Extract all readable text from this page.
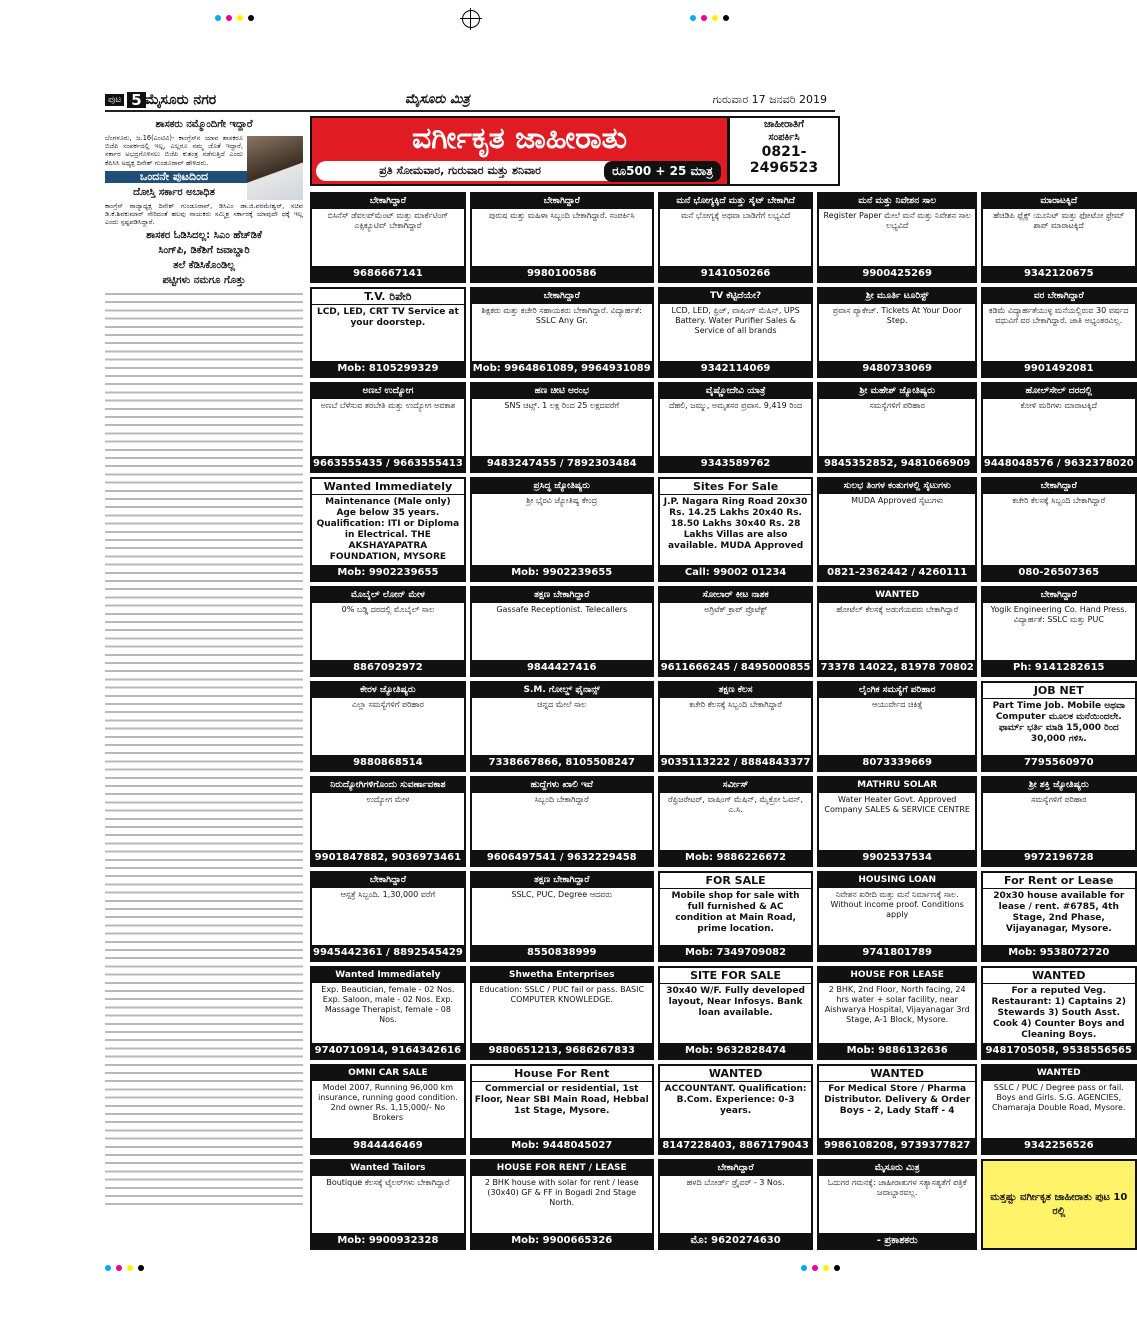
ಪುಟ 5 ಮೈಸೂರು ನಗರ	ಮೈಸೂರು ಮಿತ್ರ	ಗುರುವಾರ 17 ಜನವರಿ 2019
ಶಾಸಕರು ನಮ್ಮೊಂದಿಗೇ ಇದ್ದಾರೆ

ಬೆಂಗಳೂರು, ಜ.16(ಎಂಟಿವಿ)- ಕಾಂಗ್ರೆಸ್‌ನ ಯಾವ ಶಾಸಕರೂ ಬಿಜೆಪಿ ಸಂಪರ್ಕದಲ್ಲಿ ಇಲ್ಲ, ಎಲ್ಲರೂ ನಮ್ಮ ಜೊತೆ ಇದ್ದಾರೆ, ಸರ್ಕಾರ ಅಭದ್ರಗೊಳಿಸಲು ಬಿಜೆಪಿ ಕುತಂತ್ರ ನಡೆಸುತ್ತಿದೆ ಎಂದು ಕೆಪಿಸಿಸಿ ಅಧ್ಯಕ್ಷ ದಿನೇಶ್ ಗುಂಡೂರಾವ್ ಹೇಳಿದರು.

ಒಂದನೇ ಪುಟದಿಂದ
ದೋಸ್ತಿ ಸರ್ಕಾರ ಅಬಾಧಿತ

ಕಾಂಗ್ರೆಸ್ ರಾಜ್ಯಾಧ್ಯಕ್ಷ ದಿನೇಶ್ ಗುಂಡೂರಾವ್, ಡಿಸಿಎಂ ಡಾ.ಜಿ.ಪರಮೇಶ್ವರ್, ಸಚಿವ ಡಿ.ಕೆ.ಶಿವಕುಮಾರ್ ಸೇರಿದಂತೆ ಹಲವು ನಾಯಕರು ಸಮ್ಮಿಶ್ರ ಸರ್ಕಾರಕ್ಕೆ ಯಾವುದೇ ಧಕ್ಕೆ ಇಲ್ಲ ಎಂದು ಸ್ಪಷ್ಟಪಡಿಸಿದ್ದಾರೆ.

ಶಾಸಕರ ಓಡಿಸಿದಲ್ಲ: ಸಿಎಂ ಹೆಚ್‌ಡಿಕೆ
ಸಿಂಗ್‌ಪಿ, ಡಿಕೆಶಿಗೆ ಜವಾಬ್ದಾರಿ
ತಲೆ ಕೆಡಿಸಿಕೊಂಡಿಲ್ಲ
ಪಟ್ಟಿಗಳು ನಮಗೂ ಗೊತ್ತು
ವರ್ಗೀಕೃತ ಜಾಹೀರಾತು
ಪ್ರತಿ ಸೋಮವಾರ, ಗುರುವಾರ ಮತ್ತು ಶನಿವಾರ	ರೂ500 + 25 ಮಾತ್ರ
ಜಾಹೀರಾತಿಗೆ
ಸಂಪರ್ಕಿಸಿ
0821-2496523
ಬೇಕಾಗಿದ್ದಾರೆ
ಬಿಸಿನೆಸ್ ಡೆವಲಪ್‌ಮೆಂಟ್ ಮತ್ತು ಮಾರ್ಕೆಟಿಂಗ್ ಎಕ್ಸಿಕ್ಯೂಟಿವ್ ಬೇಕಾಗಿದ್ದಾರೆ
9686667141
ಬೇಕಾಗಿದ್ದಾರೆ
ಪುರುಷ ಮತ್ತು ಮಹಿಳಾ ಸಿಬ್ಬಂದಿ ಬೇಕಾಗಿದ್ದಾರೆ. ಸಂಪರ್ಕಿಸಿ
9980100586
ಮನೆ ಭೋಗ್ಯಕ್ಕಿದೆ ಮತ್ತು ಸೈಟ್ ಬೇಕಾಗಿದೆ
ಮನೆ ಭೋಗ್ಯಕ್ಕೆ ಅಥವಾ ಬಾಡಿಗೆಗೆ ಲಭ್ಯವಿದೆ
9141050266
ಮನೆ ಮತ್ತು ನಿವೇಶನ ಸಾಲ
Register Paper ಮೇಲೆ ಮನೆ ಮತ್ತು ನಿವೇಶನ ಸಾಲ ಲಭ್ಯವಿದೆ
9900425269
ಮಾರಾಟಕ್ಕಿದೆ
ಹೆಚಿಡಿಪಿ ಫ್ಲೆಕ್ಸ್ ಯೂನಿಟ್ ಮತ್ತು ಫೋಟೋ ಫ್ರೇಮ್ ಶಾಪ್ ಮಾರಾಟಕ್ಕಿದೆ
9342120675
T.V. ರಿಪೇರಿ
LCD, LED, CRT TV Service at your doorstep.
Mob: 8105299329
ಬೇಕಾಗಿದ್ದಾರೆ
ಶಿಕ್ಷಕರು ಮತ್ತು ಕಚೇರಿ ಸಹಾಯಕರು ಬೇಕಾಗಿದ್ದಾರೆ. ವಿದ್ಯಾರ್ಹತೆ: SSLC Any Gr.
Mob: 9964861089, 9964931089
TV ಕೆಟ್ಟಿದೆಯೇ?
LCD, LED, ಫ್ರಿಜ್, ವಾಷಿಂಗ್ ಮೆಷಿನ್, UPS Battery. Water Purifier Sales & Service of all brands
9342114069
ಶ್ರೀ ಮೂರ್ತಿ ಟೂರಿಸ್ಟ್
ಪ್ರವಾಸ ಪ್ಯಾಕೇಜ್. Tickets At Your Door Step.
9480733069
ವರ ಬೇಕಾಗಿದ್ದಾರೆ
ಕಡಿಮೆ ವಿದ್ಯಾರ್ಹತೆಯುಳ್ಳ ಮನೆಯಲ್ಲಿರುವ 30 ವರ್ಷದ ವಧುವಿಗೆ ವರ ಬೇಕಾಗಿದ್ದಾರೆ. ಜಾತಿ ಅಭ್ಯಂತರವಿಲ್ಲ.
9901492081
ಅಣಬೆ ಉದ್ಯೋಗ
ಅಣಬೆ ಬೆಳೆಸುವ ತರಬೇತಿ ಮತ್ತು ಉದ್ಯೋಗ ಅವಕಾಶ
9663555435 / 9663555413
ಹಣ ಚೀಟಿ ಆರಂಭ
SNS ಚಿಟ್ಸ್. 1 ಲಕ್ಷ ರಿಂದ 25 ಲಕ್ಷದವರೆಗೆ
9483247455 / 7892303484
ವೈಷ್ಣೋದೇವಿ ಯಾತ್ರೆ
ದೆಹಲಿ, ಜಮ್ಮು, ಅಮೃತಸರ ಪ್ರವಾಸ. 9,419 ರಿಂದ
9343589762
ಶ್ರೀ ಮಹೇಶ್ ಜ್ಯೋತಿಷ್ಯರು
ಸಮಸ್ಯೆಗಳಿಗೆ ಪರಿಹಾರ
9845352852, 9481066909
ಹೋಲ್‌ಸೇಲ್ ದರದಲ್ಲಿ
ಕೋಳಿ ಮರಿಗಳು ಮಾರಾಟಕ್ಕಿದೆ
9448048576 / 9632378020
Wanted Immediately
Maintenance (Male only) Age below 35 years. Qualification: ITI or Diploma in Electrical. THE AKSHAYAPATRA FOUNDATION, MYSORE
Mob: 9902239655
ಪ್ರಸಿದ್ಧ ಜ್ಯೋತಿಷ್ಯರು
ಶ್ರೀ ಭೈರವಿ ಜ್ಯೋತಿಷ್ಯ ಕೇಂದ್ರ
Mob: 9902239655
Sites For Sale
J.P. Nagara Ring Road 20x30 Rs. 14.25 Lakhs 20x40 Rs. 18.50 Lakhs 30x40 Rs. 28 Lakhs Villas are also available. MUDA Approved
Call: 99002 01234
ಸುಲಭ ತಿಂಗಳ ಕಂತುಗಳಲ್ಲಿ ಸೈಟುಗಳು
MUDA Approved ಸೈಟುಗಳು
0821-2362442 / 4260111
ಬೇಕಾಗಿದ್ದಾರೆ
ಕಚೇರಿ ಕೆಲಸಕ್ಕೆ ಸಿಬ್ಬಂದಿ ಬೇಕಾಗಿದ್ದಾರೆ
080-26507365
ಮೊಬೈಲ್ ಲೋನ್ ಮೇಳ
0% ಬಡ್ಡಿ ದರದಲ್ಲಿ ಮೊಬೈಲ್ ಸಾಲ
8867092972
ತಕ್ಷಣ ಬೇಕಾಗಿದ್ದಾರೆ
Gassafe Receptionist. Telecallers
9844427416
ಸೋಲಾರ್ ಕೀಟ ನಾಶಕ
ಅಗ್ರಿಟೆಕ್ ಕ್ರಾಪ್ ಪ್ರೊಟೆಕ್ಟ್
9611666245 / 8495000855
WANTED
ಹೋಟೆಲ್ ಕೆಲಸಕ್ಕೆ ಅಡುಗೆಯವರು ಬೇಕಾಗಿದ್ದಾರೆ
73378 14022, 81978 70802
ಬೇಕಾಗಿದ್ದಾರೆ
Yogik Engineering Co. Hand Press. ವಿದ್ಯಾರ್ಹತೆ: SSLC ಮತ್ತು PUC
Ph: 9141282615
ಕೇರಳ ಜ್ಯೋತಿಷ್ಯರು
ಎಲ್ಲಾ ಸಮಸ್ಯೆಗಳಿಗೆ ಪರಿಹಾರ
9880868514
S.M. ಗೋಲ್ಡ್ ಫೈನಾನ್ಸ್
ಚಿನ್ನದ ಮೇಲೆ ಸಾಲ
7338667866, 8105508247
ತಕ್ಷಣ ಕೆಲಸ
ಕಚೇರಿ ಕೆಲಸಕ್ಕೆ ಸಿಬ್ಬಂದಿ ಬೇಕಾಗಿದ್ದಾರೆ
9035113222 / 8884843377
ಲೈಂಗಿಕ ಸಮಸ್ಯೆಗೆ ಪರಿಹಾರ
ಆಯುರ್ವೇದ ಚಿಕಿತ್ಸೆ
8073339669
JOB NET
Part Time Job. Mobile ಅಥವಾ Computer ಮೂಲಕ ಮನೆಯಿಂದಲೇ. ಫಾರ್ಮ್ ಭರ್ತಿ ಮಾಡಿ 15,000 ರಿಂದ 30,000 ಗಳಿಸಿ.
7795560970
ನಿರುದ್ಯೋಗಿಗಳಿಗೊಂದು ಸುವರ್ಣಾವಕಾಶ
ಉದ್ಯೋಗ ಮೇಳ
9901847882, 9036973461
ಹುದ್ದೆಗಳು ಖಾಲಿ ಇವೆ
ಸಿಬ್ಬಂದಿ ಬೇಕಾಗಿದ್ದಾರೆ
9606497541 / 9632229458
ಸರ್ವೀಸ್
ರೆಫ್ರಿಜರೇಟರ್, ವಾಷಿಂಗ್ ಮೆಷಿನ್, ಮೈಕ್ರೋ ಓವನ್, ಎ.ಸಿ.
Mob: 9886226672
MATHRU SOLAR
Water Heater Govt. Approved Company SALES & SERVICE CENTRE
9902537534
ಶ್ರೀ ಶಕ್ತಿ ಜ್ಯೋತಿಷ್ಯರು
ಸಮಸ್ಯೆಗಳಿಗೆ ಪರಿಹಾರ
9972196728
ಬೇಕಾಗಿದ್ದಾರೆ
ಆಸ್ಪತ್ರೆ ಸಿಬ್ಬಂದಿ. 1,30,000 ವರೆಗೆ
9945442361 / 8892545429
ತಕ್ಷಣ ಬೇಕಾಗಿದ್ದಾರೆ
SSLC, PUC, Degree ಆದವರು
8550838999
FOR SALE
Mobile shop for sale with full furnished & AC condition at Main Road, prime location.
Mob: 7349709082
HOUSING LOAN
ನಿವೇಶನ ಖರೀದಿ ಮತ್ತು ಮನೆ ನಿರ್ಮಾಣಕ್ಕೆ ಸಾಲ. Without income proof. Conditions apply
9741801789
For Rent or Lease
20x30 house available for lease / rent. #6785, 4th Stage, 2nd Phase, Vijayanagar, Mysore.
Mob: 9538072720
Wanted Immediately
Exp. Beautician, female - 02 Nos. Exp. Saloon, male - 02 Nos. Exp. Massage Therapist, female - 08 Nos.
9740710914, 9164342616
Shwetha Enterprises
Education: SSLC / PUC fail or pass. BASIC COMPUTER KNOWLEDGE.
9880651213, 9686267833
SITE FOR SALE
30x40 W/F. Fully developed layout, Near Infosys. Bank loan available.
Mob: 9632828474
HOUSE FOR LEASE
2 BHK, 2nd Floor, North facing, 24 hrs water + solar facility, near Aishwarya Hospital, Vijayanagar 3rd Stage, A-1 Block, Mysore.
Mob: 9886132636
WANTED
For a reputed Veg. Restaurant: 1) Captains 2) Stewards 3) South Asst. Cook 4) Counter Boys and Cleaning Boys.
9481705058, 9538556565
OMNI CAR SALE
Model 2007, Running 96,000 km insurance, running good condition. 2nd owner Rs. 1,15,000/- No Brokers
9844446469
House For Rent
Commercial or residential, 1st Floor, Near SBI Main Road, Hebbal 1st Stage, Mysore.
Mob: 9448045027
WANTED
ACCOUNTANT. Qualification: B.Com. Experience: 0-3 years.
8147228403, 8867179043
WANTED
For Medical Store / Pharma Distributor. Delivery & Order Boys - 2, Lady Staff - 4
9986108208, 9739377827
WANTED
SSLC / PUC / Degree pass or fail. Boys and Girls. S.G. AGENCIES, Chamaraja Double Road, Mysore.
9342256526
Wanted Tailors
Boutique ಕೆಲಸಕ್ಕೆ ಟೈಲರ್‌ಗಳು ಬೇಕಾಗಿದ್ದಾರೆ
Mob: 9900932328
HOUSE FOR RENT / LEASE
2 BHK house with solar for rent / lease (30x40) GF & FF in Bogadi 2nd Stage North.
Mob: 9900665326
ಬೇಕಾಗಿದ್ದಾರೆ
ಹಳದಿ ಬೋರ್ಡ್ ಡ್ರೈವರ್ - 3 Nos.
ಮೊ: 9620274630
ಮೈಸೂರು ಮಿತ್ರ
ಓದುಗರ ಗಮನಕ್ಕೆ: ಜಾಹೀರಾತುಗಳ ಸತ್ಯಾಸತ್ಯತೆಗೆ ಪತ್ರಿಕೆ ಜವಾಬ್ದಾರವಲ್ಲ.
- ಪ್ರಕಾಶಕರು
ಮತ್ತಷ್ಟು ವರ್ಗೀಕೃತ ಜಾಹೀರಾತು ಪುಟ 10 ರಲ್ಲಿ
